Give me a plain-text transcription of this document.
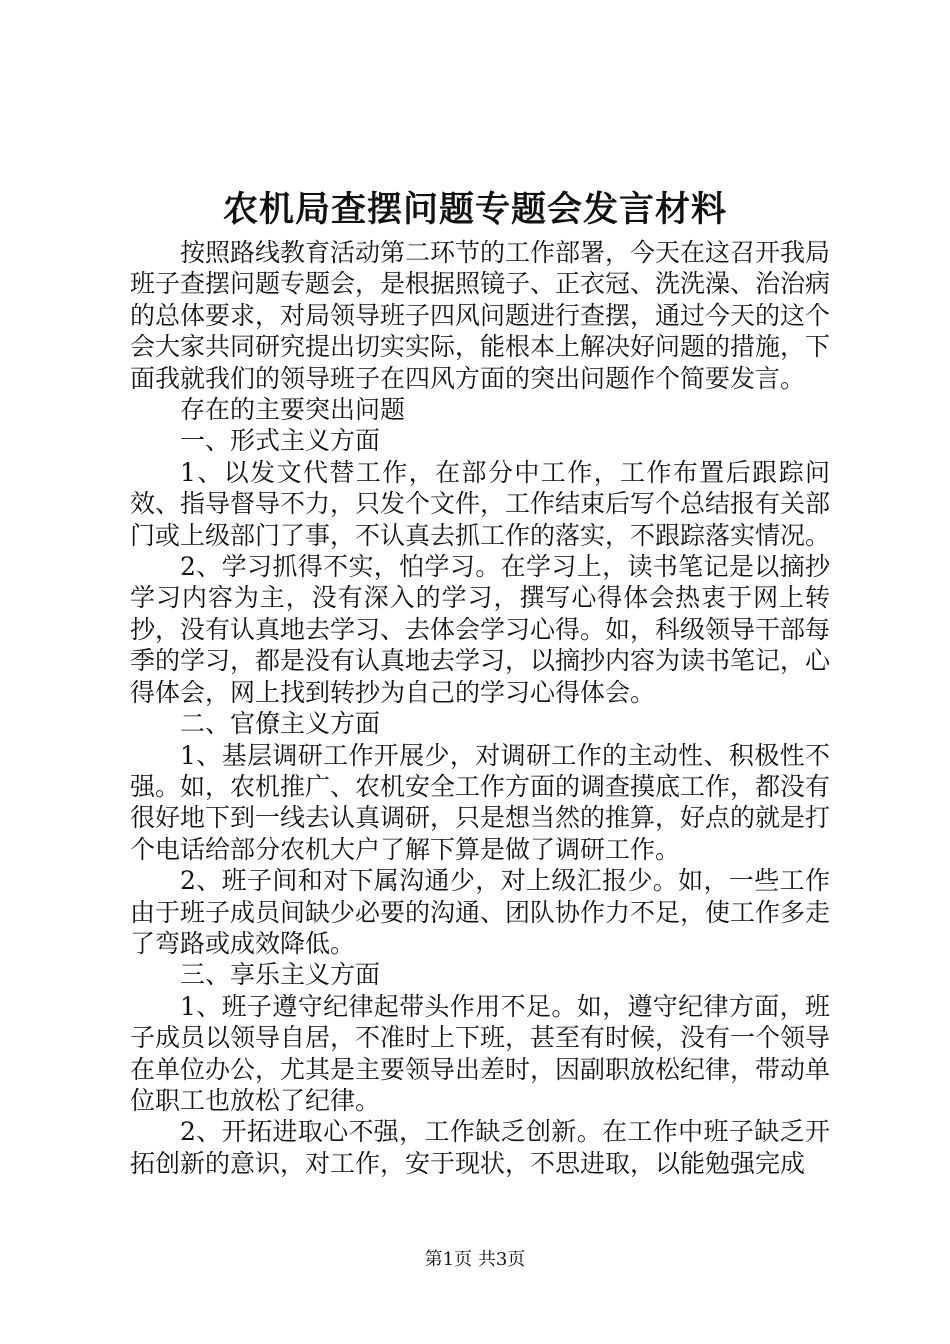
农机局查摆问题专题会发言材料

按照路线教育活动第二环节的工作部署，今天在这召开我局班子查摆问题专题会，是根据照镜子、正衣冠、洗洗澡、治治病的总体要求，对局领导班子四风问题进行查摆，通过今天的这个会大家共同研究提出切实实际，能根本上解决好问题的措施，下面我就我们的领导班子在四风方面的突出问题作个简要发言。

存在的主要突出问题

一、形式主义方面

1、以发文代替工作，在部分中工作，工作布置后跟踪问效、指导督导不力，只发个文件，工作结束后写个总结报有关部门或上级部门了事，不认真去抓工作的落实，不跟踪落实情况。

2、学习抓得不实，怕学习。在学习上，读书笔记是以摘抄学习内容为主，没有深入的学习，撰写心得体会热衷于网上转抄，没有认真地去学习、去体会学习心得。如，科级领导干部每季的学习，都是没有认真地去学习，以摘抄内容为读书笔记，心得体会，网上找到转抄为自己的学习心得体会。

二、官僚主义方面

1、基层调研工作开展少，对调研工作的主动性、积极性不强。如，农机推广、农机安全工作方面的调查摸底工作，都没有很好地下到一线去认真调研，只是想当然的推算，好点的就是打个电话给部分农机大户了解下算是做了调研工作。

2、班子间和对下属沟通少，对上级汇报少。如，一些工作由于班子成员间缺少必要的沟通、团队协作力不足，使工作多走了弯路或成效降低。

三、享乐主义方面

1、班子遵守纪律起带头作用不足。如，遵守纪律方面，班子成员以领导自居，不准时上下班，甚至有时候，没有一个领导在单位办公，尤其是主要领导出差时，因副职放松纪律，带动单位职工也放松了纪律。

2、开拓进取心不强，工作缺乏创新。在工作中班子缺乏开拓创新的意识，对工作，安于现状，不思进取，以能勉强完成

第1页 共3页
